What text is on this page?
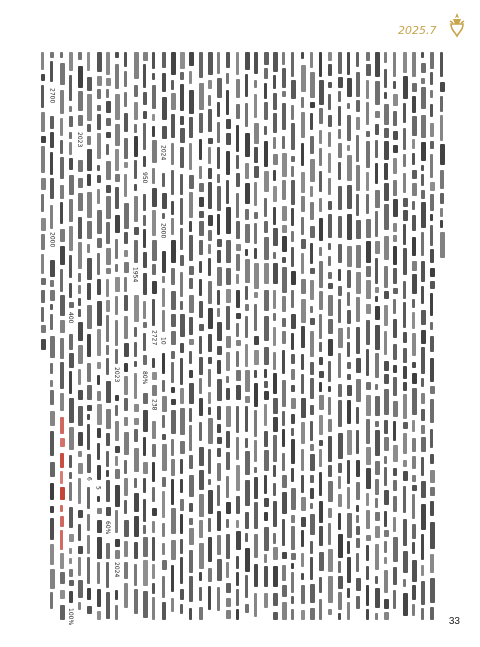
2025.7
2700
2000
400
100%
2023
6
5
60%
2023
2024
1954
950
80%
2727
238
2024
2000
10
33
